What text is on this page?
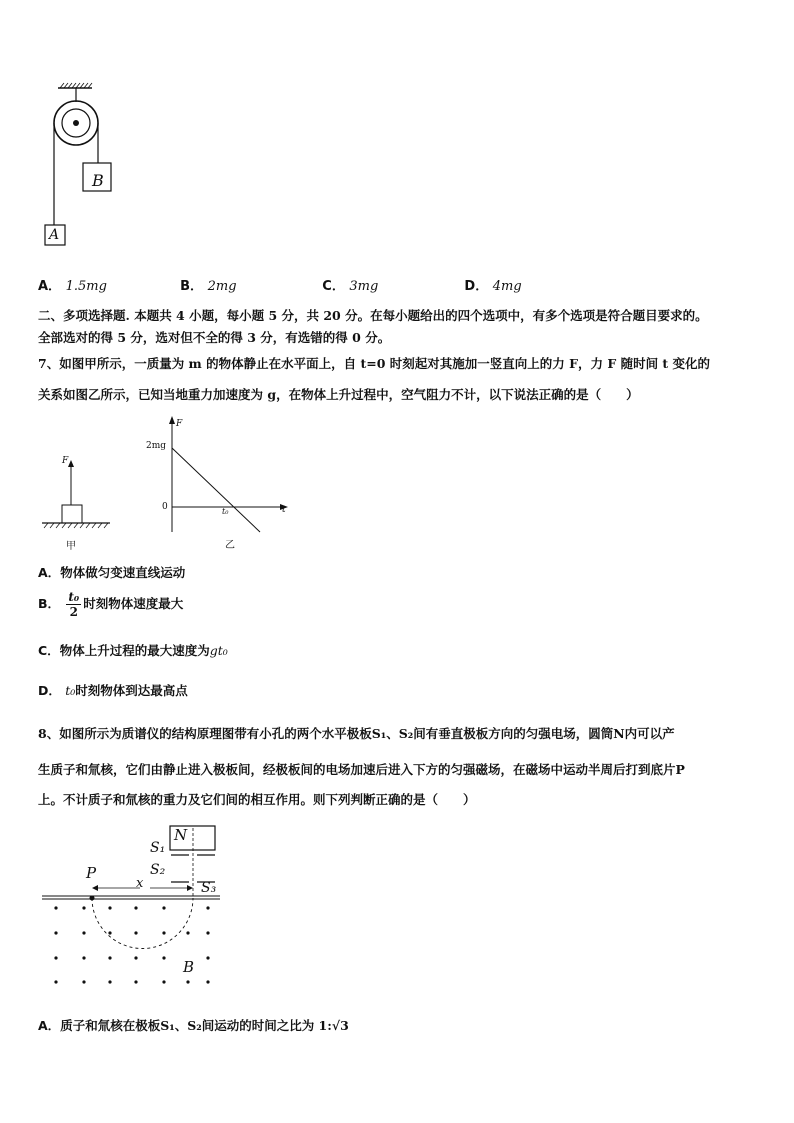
A
B
A． 1.5mg	B． 2mg	C． 3mg	D． 4mg
二、多项选择题. 本题共 4 小题，每小题 5 分，共 20 分。在每小题给出的四个选项中，有多个选项是符合题目要求的。
全部选对的得 5 分，选对但不全的得 3 分，有选错的得 0 分。
7、如图甲所示，一质量为 m 的物体静止在水平面上，自 t=0 时刻起对其施加一竖直向上的力 F，力 F 随时间 t 变化的
关系如图乙所示，已知当地重力加速度为 g，在物体上升过程中，空气阻力不计，以下说法正确的是（　　）
F
甲
F
2mg
0	t₀	t
乙
A．物体做匀变速直线运动
B． $\frac{\text{t₀}}{2}$ 时刻物体速度最大
C．物体上升过程的最大速度为gt₀
D． t₀时刻物体到达最高点
8、如图所示为质谱仪的结构原理图带有小孔的两个水平极板S₁、S₂间有垂直极板方向的匀强电场，圆筒N内可以产
生质子和氚核，它们由静止进入极板间，经极板间的电场加速后进入下方的匀强磁场，在磁场中运动半周后打到底片P
上。不计质子和氚核的重力及它们间的相互作用。则下列判断正确的是（　　）
N
S₁
S₂
S₃
P
x
B
A．质子和氚核在极板S₁、S₂间运动的时间之比为 1:√3
